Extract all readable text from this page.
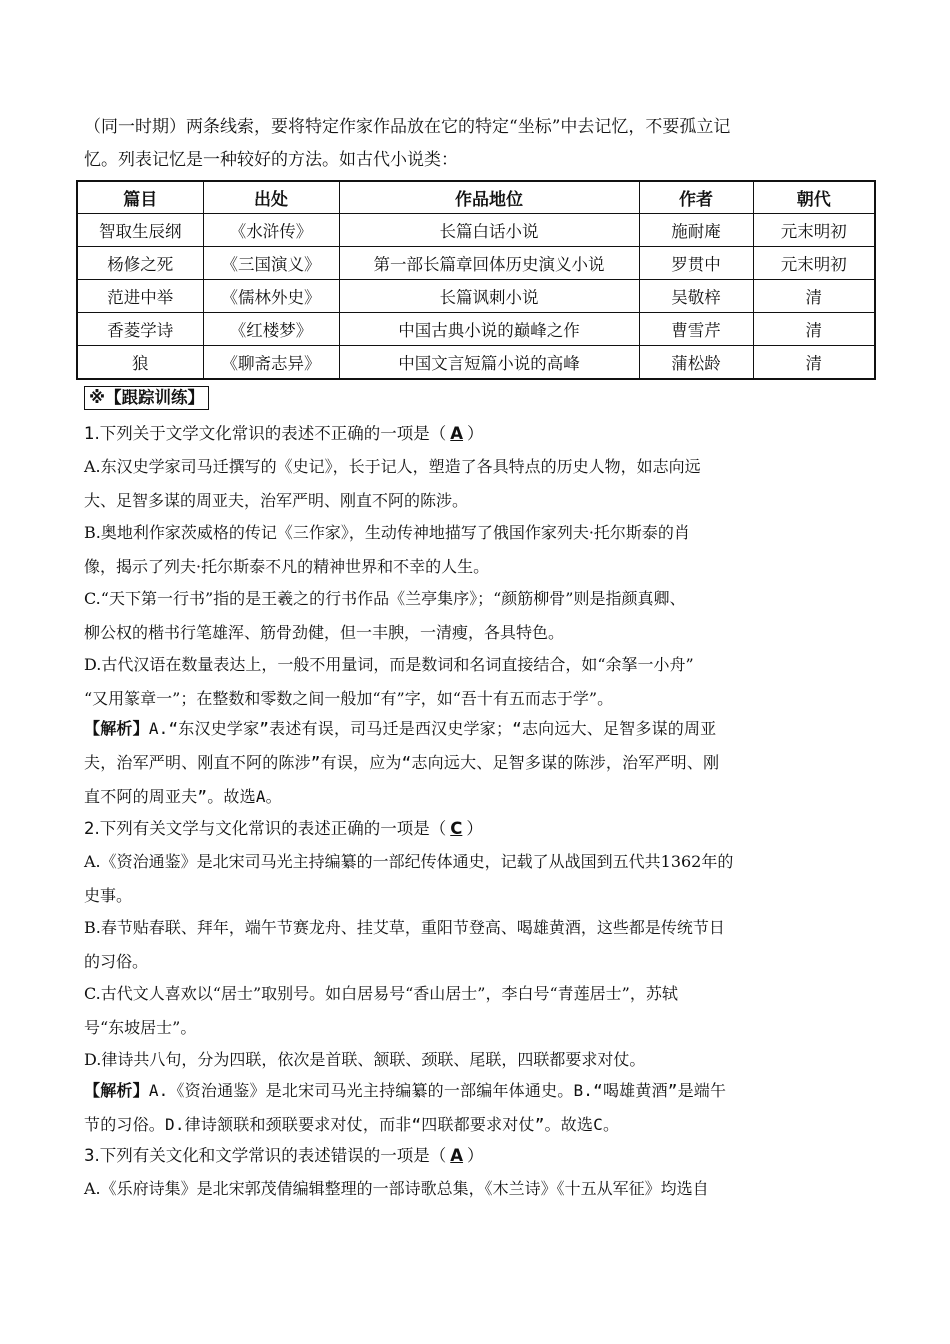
（同一时期）两条线索，要将特定作家作品放在它的特定“坐标”中去记忆，不要孤立记
忆。列表记忆是一种较好的方法。如古代小说类：
篇目	出处	作品地位	作者	朝代
智取生辰纲	《水浒传》	长篇白话小说	施耐庵	元末明初
杨修之死	《三国演义》	第一部长篇章回体历史演义小说	罗贯中	元末明初
范进中举	《儒林外史》	长篇讽刺小说	吴敬梓	清
香菱学诗	《红楼梦》	中国古典小说的巅峰之作	曹雪芹	清
狼	《聊斋志异》	中国文言短篇小说的高峰	蒲松龄	清
※【跟踪训练】
1.下列关于文学文化常识的表述不正确的一项是（ A ）
A.东汉史学家司马迁撰写的《史记》，长于记人，塑造了各具特点的历史人物，如志向远
大、足智多谋的周亚夫，治军严明、刚直不阿的陈涉。
B.奥地利作家茨威格的传记《三作家》，生动传神地描写了俄国作家列夫·托尔斯泰的肖
像，揭示了列夫·托尔斯泰不凡的精神世界和不幸的人生。
C.“天下第一行书”指的是王羲之的行书作品《兰亭集序》；“颜筋柳骨”则是指颜真卿、
柳公权的楷书行笔雄浑、筋骨劲健，但一丰腴，一清瘦，各具特色。
D.古代汉语在数量表达上，一般不用量词，而是数词和名词直接结合，如“余拏一小舟”
“又用篆章一”；在整数和零数之间一般加“有”字，如“吾十有五而志于学”。
【解析】A.“东汉史学家”表述有误，司马迁是西汉史学家；“志向远大、足智多谋的周亚
夫，治军严明、刚直不阿的陈涉”有误，应为“志向远大、足智多谋的陈涉，治军严明、刚
直不阿的周亚夫”。故选A。
2.下列有关文学与文化常识的表述正确的一项是（ C ）
A.《资治通鉴》是北宋司马光主持编纂的一部纪传体通史，记载了从战国到五代共1362年的
史事。
B.春节贴春联、拜年，端午节赛龙舟、挂艾草，重阳节登高、喝雄黄酒，这些都是传统节日
的习俗。
C.古代文人喜欢以“居士”取别号。如白居易号“香山居士”，李白号“青莲居士”，苏轼
号“东坡居士”。
D.律诗共八句，分为四联，依次是首联、颔联、颈联、尾联，四联都要求对仗。
【解析】A.《资治通鉴》是北宋司马光主持编纂的一部编年体通史。B.“喝雄黄酒”是端午
节的习俗。D.律诗颔联和颈联要求对仗，而非“四联都要求对仗”。故选C。
3.下列有关文化和文学常识的表述错误的一项是（ A ）
A.《乐府诗集》是北宋郭茂倩编辑整理的一部诗歌总集，《木兰诗》《十五从军征》均选自
